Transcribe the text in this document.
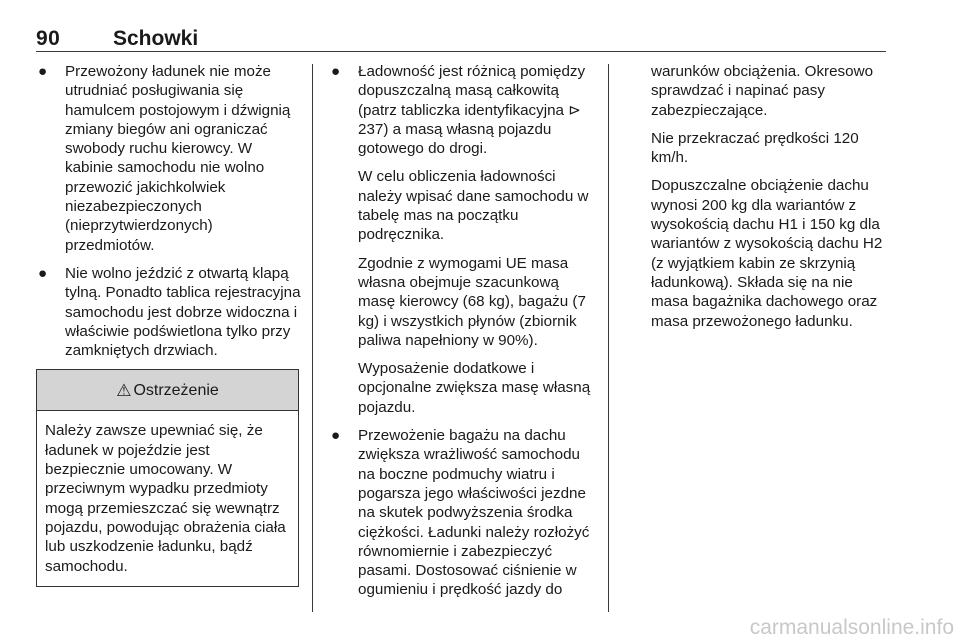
90	Schowki
● Przewożony ładunek nie może utrudniać posługiwania się hamulcem postojowym i dźwignią zmiany biegów ani ograniczać swobody ruchu kierowcy. W kabinie samochodu nie wolno przewozić jakichkolwiek niezabezpieczonych (nieprzytwierdzonych) przedmiotów.
● Nie wolno jeździć z otwartą klapą tylną. Ponadto tablica rejestracyjna samochodu jest dobrze widoczna i właściwie podświetlona tylko przy zamkniętych drzwiach.
⚠ Ostrzeżenie
Należy zawsze upewniać się, że ładunek w pojeździe jest bezpiecznie umocowany. W przeciwnym wypadku przedmioty mogą przemieszczać się wewnątrz pojazdu, powodując obrażenia ciała lub uszkodzenie ładunku, bądź samochodu.
● Ładowność jest różnicą pomiędzy dopuszczalną masą całkowitą (patrz tabliczka identyfikacyjna ⊳ 237) a masą własną pojazdu gotowego do drogi.

W celu obliczenia ładowności należy wpisać dane samochodu w tabelę mas na początku podręcznika.

Zgodnie z wymogami UE masa własna obejmuje szacunkową masę kierowcy (68 kg), bagażu (7 kg) i wszystkich płynów (zbiornik paliwa napełniony w 90%).

Wyposażenie dodatkowe i opcjonalne zwiększa masę własną pojazdu.

● Przewożenie bagażu na dachu zwiększa wrażliwość samochodu na boczne podmuchy wiatru i pogarsza jego właściwości jezdne na skutek podwyższenia środka ciężkości. Ładunki należy rozłożyć równomiernie i zabezpieczyć pasami. Dostosować ciśnienie w ogumieniu i prędkość jazdy do

warunków obciążenia. Okresowo sprawdzać i napinać pasy zabezpieczające.

Nie przekraczać prędkości 120 km/h.

Dopuszczalne obciążenie dachu wynosi 200 kg dla wariantów z wysokością dachu H1 i 150 kg dla wariantów z wysokością dachu H2 (z wyjątkiem kabin ze skrzynią ładunkową). Składa się na nie masa bagażnika dachowego oraz masa przewożonego ładunku.

carmanualsonline.info
